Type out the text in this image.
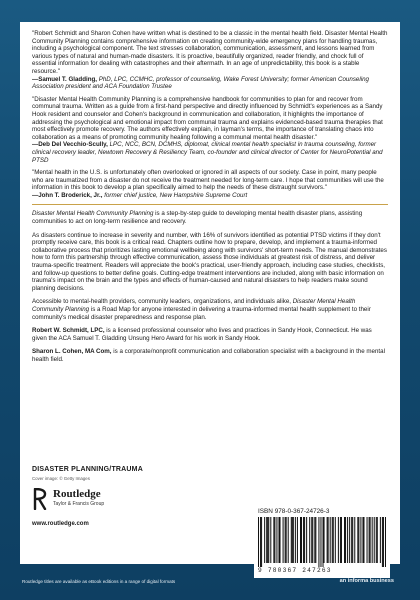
"Robert Schmidt and Sharon Cohen have written what is destined to be a classic in the mental health field. Disaster Mental Health Community Planning contains comprehensive information on creating community-wide emergency plans for handling traumas, including a psychological component. The text stresses collaboration, communication, assessment, and lessons learned from various types of natural and human-made disasters. It is proactive, beautifully organized, reader friendly, and chock full of essential information for dealing with catastrophes and their aftermath. In an age of unpredictability, this book is a stable resource."
—Samuel T. Gladding, PhD, LPC, CCMHC, professor of counseling, Wake Forest University; former American Counseling Association president and ACA Foundation Trustee
"Disaster Mental Health Community Planning is a comprehensive handbook for communities to plan for and recover from communal trauma. Written as a guide from a first-hand perspective and directly influenced by Schmidt's experiences as a Sandy Hook resident and counselor and Cohen's background in communication and collaboration, it highlights the importance of addressing the psychological and emotional impact from communal trauma and explains evidenced-based trauma therapies that most effectively promote recovery. The authors effectively explain, in layman's terms, the importance of translating chaos into collaboration as a means of promoting community healing following a communal mental health disaster."
—Deb Del Vecchio-Scully, LPC, NCC, BCN, DCMHS, diplomat, clinical mental health specialist in trauma counseling, former clinical recovery leader, Newtown Recovery & Resiliency Team, co-founder and clinical director of Center for NeuroPotential and PTSD
"Mental health in the U.S. is unfortunately often overlooked or ignored in all aspects of our society. Case in point, many people who are traumatized from a disaster do not receive the treatment needed for long-term care. I hope that communities will use the information in this book to develop a plan specifically aimed to help the needs of these distraught survivors."
—John T. Broderick, Jr., former chief justice, New Hampshire Supreme Court
Disaster Mental Health Community Planning is a step-by-step guide to developing mental health disaster plans, assisting communities to act on long-term resilience and recovery.
As disasters continue to increase in severity and number, with 16% of survivors identified as potential PTSD victims if they don't promptly receive care, this book is a critical read. Chapters outline how to prepare, develop, and implement a trauma-informed collaborative process that prioritizes lasting emotional wellbeing along with survivors' short-term needs. The manual demonstrates how to form this partnership through effective communication, assess those individuals at greatest risk of distress, and deliver trauma-specific treatment. Readers will appreciate the book's practical, user-friendly approach, including case studies, checklists, and follow-up questions to better define goals. Cutting-edge treatment interventions are included, along with basic information on trauma's impact on the brain and the types and effects of human-caused and natural disasters to help readers make sound planning decisions.
Accessible to mental-health providers, community leaders, organizations, and individuals alike, Disaster Mental Health Community Planning is a Road Map for anyone interested in delivering a trauma-informed mental health supplement to their community's medical disaster preparedness and response plan.
Robert W. Schmidt, LPC, is a licensed professional counselor who lives and practices in Sandy Hook, Connecticut. He was given the ACA Samuel T. Gladding Unsung Hero Award for his work in Sandy Hook.
Sharon L. Cohen, MA Com, is a corporate/nonprofit communication and collaboration specialist with a background in the mental health field.
DISASTER PLANNING/TRAUMA
Cover image: © Getty Images
Routledge
Taylor & Francis Group
www.routledge.com
ISBN 978-0-367-24726-3
9 780367 247263
Routledge titles are available as eBook editions in a range of digital formats	an informa business
